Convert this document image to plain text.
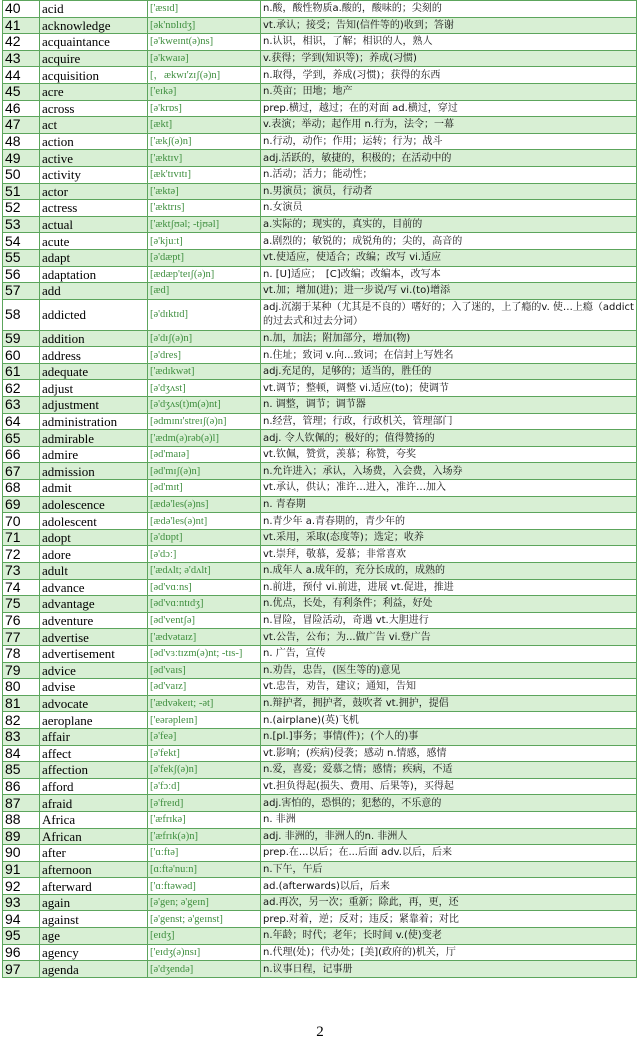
40	acid	['æsɪd]	n.酸，酸性物质a.酸的，酸味的；尖刻的
41	acknowledge	[ək'nɒlɪdʒ]	vt.承认；接受；告知(信件等的)收到；答谢
42	acquaintance	[ə'kweɪnt(ə)ns]	n.认识，相识，了解；相识的人，熟人
43	acquire	[ə'kwaɪə]	v.获得；学到(知识等)；养成(习惯)
44	acquisition	[，ækwɪ'zɪʃ(ə)n]	n.取得，学到，养成(习惯)；获得的东西
45	acre	['eɪkə]	n.英亩；田地；地产
46	across	[ə'krɒs]	prep.横过，越过；在的对面 ad.横过，穿过
47	act	[ækt]	v.表演；举动；起作用 n.行为，法令；一幕
48	action	['ækʃ(ə)n]	n.行动，动作；作用；运转；行为；战斗
49	active	['æktɪv]	adj.活跃的，敏捷的，积极的；在活动中的
50	activity	[æk'tɪvɪtɪ]	n.活动；活力；能动性；
51	actor	['æktə]	n.男演员；演员，行动者
52	actress	['æktrɪs]	n.女演员
53	actual	['æktʃʊəl; -tjʊəl]	a.实际的；现实的，真实的，目前的
54	acute	[ə'kjuːt]	a.剧烈的；敏锐的；成锐角的；尖的，高音的
55	adapt	[ə'dæpt]	vt.使适应，使适合；改编；改写 vi.适应
56	adaptation	[ædæp'teɪʃ(ə)n]	n. [U]适应；　[C]改编；改编本，改写本
57	add	[æd]	vt.加；增加(进)；进一步说/写 vi.(to)增添
58	addicted	[ə'dɪktɪd]	adj.沉溺于某种（尤其是不良的）嗜好的；入了迷的，上了瘾的v. 使…上瘾（addict的过去式和过去分词）
59	addition	[ə'dɪʃ(ə)n]	n.加，加法；附加部分，增加(物)
60	address	[ə'dres]	n.住址；致词 v.向...致词；在信封上写姓名
61	adequate	['ædɪkwət]	adj.充足的，足够的；适当的，胜任的
62	adjust	[ə'dʒʌst]	vt.调节；整顿，调整 vi.适应(to)；使调节
63	adjustment	[ə'dʒʌs(t)m(ə)nt]	n. 调整，调节；调节器
64	administration	[ədmɪnɪ'streɪʃ(ə)n]	n.经营，管理；行政，行政机关，管理部门
65	admirable	['ædm(ə)rəb(ə)l]	adj. 令人钦佩的；极好的；值得赞扬的
66	admire	[əd'maɪə]	vt.钦佩，赞赏，羡慕；称赞，夸奖
67	admission	[əd'mɪʃ(ə)n]	n.允许进入；承认，入场费，入会费，入场券
68	admit	[əd'mɪt]	vt.承认，供认；准许…进入，准许…加入
69	adolescence	[ædə'les(ə)ns]	n. 青春期
70	adolescent	[ædə'les(ə)nt]	n.青少年 a.青春期的，青少年的
71	adopt	[ə'dɒpt]	vt.采用，采取(态度等)；选定；收养
72	adore	[ə'dɔː]	vt.崇拜，敬慕，爱慕；非常喜欢
73	adult	['ædʌlt; ə'dʌlt]	n.成年人 a.成年的，充分长成的，成熟的
74	advance	[əd'vɑːns]	n.前进，预付 vi.前进，进展 vt.促进，推进
75	advantage	[əd'vɑːntɪdʒ]	n.优点，长处，有利条件；利益，好处
76	adventure	[əd'ventʃə]	n.冒险，冒险活动，奇遇 vt.大胆进行
77	advertise	['ædvətaɪz]	vt.公告，公布；为...做广告 vi.登广告
78	advertisement	[əd'vɜːtɪzm(ə)nt; -tɪs-]	n. 广告，宣传
79	advice	[əd'vaɪs]	n.劝告，忠告，(医生等的)意见
80	advise	[əd'vaɪz]	vt.忠告，劝告，建议；通知，告知
81	advocate	['ædvəkeɪt; -ət]	n.辩护者，拥护者，鼓吹者 vt.拥护，提倡
82	aeroplane	['eərəpleɪn]	n.(airplane)(英)飞机
83	affair	[ə'feə]	n.[pl.]事务；事情(件)；(个人的)事
84	affect	[ə'fekt]	vt.影响；(疾病)侵袭；感动 n.情感，感情
85	affection	[ə'fekʃ(ə)n]	n.爱，喜爱；爱慕之情；感情；疾病，不适
86	afford	[ə'fɔːd]	vt.担负得起(损失、费用、后果等)，买得起
87	afraid	[ə'freɪd]	adj.害怕的，恐惧的；犯愁的，不乐意的
88	Africa	['æfrɪkə]	n. 非洲
89	African	['æfrɪk(ə)n]	adj. 非洲的，非洲人的n. 非洲人
90	after	['ɑːftə]	prep.在...以后；在...后面 adv.以后，后来
91	afternoon	[ɑːftə'nuːn]	n.下午，午后
92	afterward	['ɑːftəwəd]	ad.(afterwards)以后，后来
93	again	[ə'gen; ə'geɪn]	ad.再次，另一次；重新；除此，再，更，还
94	against	[ə'genst; ə'geɪnst]	prep.对着，逆；反对；违反；紧靠着；对比
95	age	[eɪdʒ]	n.年龄；时代；老年；长时间 v.(使)变老
96	agency	['eɪdʒ(ə)nsɪ]	n.代理(处)；代办处；[美](政府的)机关，厅
97	agenda	[ə'dʒendə]	n.议事日程，记事册
2
